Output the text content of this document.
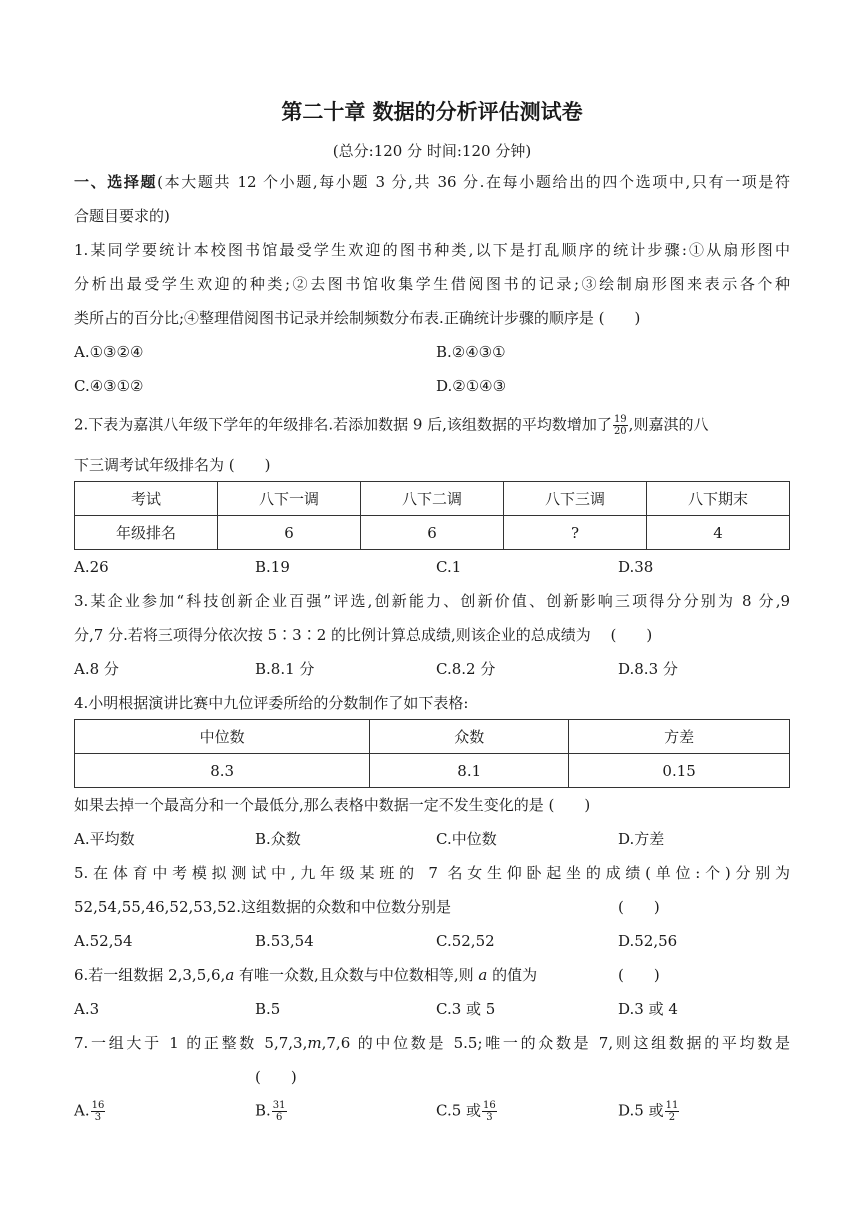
第二十章 数据的分析评估测试卷
(总分:120 分 时间:120 分钟)
一、选择题(本大题共 12 个小题,每小题 3 分,共 36 分.在每小题给出的四个选项中,只有一项是符
合题目要求的)
1.某同学要统计本校图书馆最受学生欢迎的图书种类,以下是打乱顺序的统计步骤:①从扇形图中
分析出最受学生欢迎的种类;②去图书馆收集学生借阅图书的记录;③绘制扇形图来表示各个种
类所占的百分比;④整理借阅图书记录并绘制频数分布表.正确统计步骤的顺序是 (　　)
A.①③②④	B.②④③①
C.④③①②	D.②①④③
2.下表为嘉淇八年级下学年的年级排名.若添加数据 9 后,该组数据的平均数增加了 $\frac{19}{20}$ ,则嘉淇的八
下三调考试年级排名为 (　　)
考试	八下一调	八下二调	八下三调	八下期末
年级排名	6	6	?	4
A.26	B.19	C.1	D.38
3.某企业参加“科技创新企业百强”评选,创新能力、创新价值、创新影响三项得分分别为 8 分,9
分,7 分.若将三项得分依次按 5∶3∶2 的比例计算总成绩,则该企业的总成绩为　 (　　)
A.8 分	B.8.1 分	C.8.2 分	D.8.3 分
4.小明根据演讲比赛中九位评委所给的分数制作了如下表格:
中位数	众数	方差
8.3	8.1	0.15
如果去掉一个最高分和一个最低分,那么表格中数据一定不发生变化的是 (　　)
A.平均数	B.众数	C.中位数	D.方差
5.在体育中考模拟测试中,九年级某班的 7 名女生仰卧起坐的成绩(单位:个)分别为
52,54,55,46,52,53,52.这组数据的众数和中位数分别是	(　　)
A.52,54	B.53,54	C.52,52	D.52,56
6.若一组数据 2,3,5,6,a 有唯一众数,且众数与中位数相等,则 a 的值为	(　　)
A.3	B.5	C.3 或 5	D.3 或 4
7.一组大于 1 的正整数 5,7,3,m,7,6 的中位数是 5.5;唯一的众数是 7,则这组数据的平均数是
(　　)
A. $\frac{16}{3}$	B. $\frac{31}{6}$	C.5 或 $\frac{16}{3}$	D.5 或 $\frac{11}{2}$
